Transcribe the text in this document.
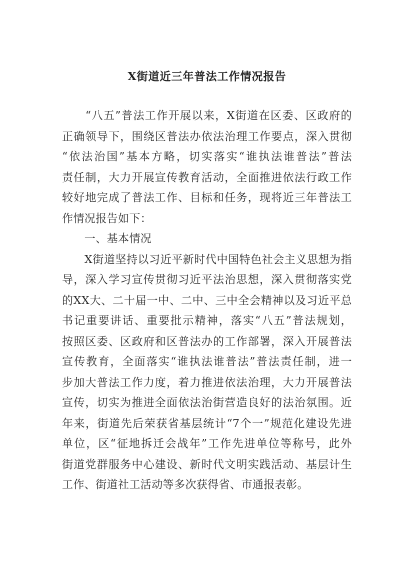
X街道近三年普法工作情况报告
　　“八五”普法工作开展以来，X街道在区委、区政府的
正确领导下，围绕区普法办依法治理工作要点，深入贯彻
“依法治国”基本方略，切实落实“谁执法谁普法”普法
责任制，大力开展宣传教育活动，全面推进依法行政工作
较好地完成了普法工作、目标和任务，现将近三年普法工
作情况报告如下：
　　一、基本情况
　　X街道坚持以习近平新时代中国特色社会主义思想为指
导，深入学习宣传贯彻习近平法治思想，深入贯彻落实党
的XX大、二十届一中、二中、三中全会精神以及习近平总
书记重要讲话、重要批示精神，落实“八五”普法规划，
按照区委、区政府和区普法办的工作部署，深入开展普法
宣传教育，全面落实“谁执法谁普法”普法责任制，进一
步加大普法工作力度，着力推进依法治理，大力开展普法
宣传，切实为推进全面依法治街营造良好的法治氛围。近
年来，街道先后荣获省基层统计“7个一”规范化建设先进
单位，区“征地拆迁会战年”工作先进单位等称号，此外
街道党群服务中心建设、新时代文明实践活动、基层计生
工作、街道社工活动等多次获得省、市通报表彰。
